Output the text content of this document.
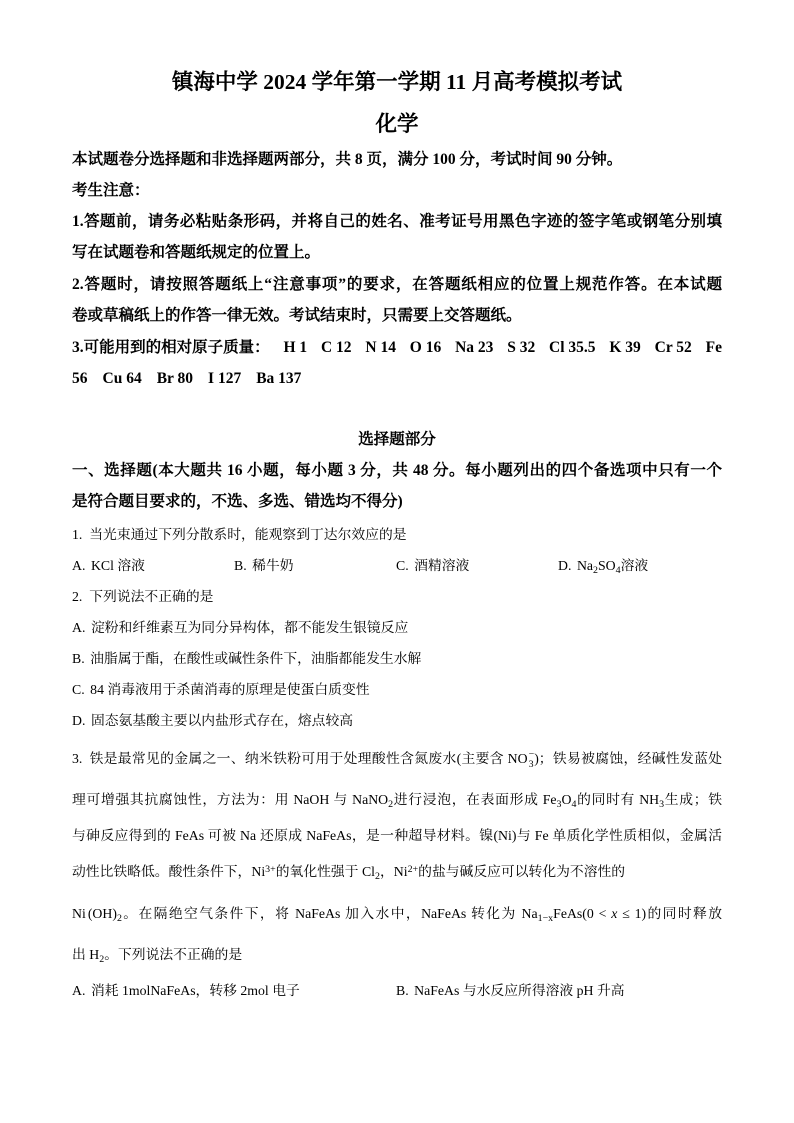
镇海中学 2024 学年第一学期 11 月高考模拟考试
化学
本试题卷分选择题和非选择题两部分，共 8 页，满分 100 分，考试时间 90 分钟。
考生注意：
1.答题前，请务必粘贴条形码，并将自己的姓名、准考证号用黑色字迹的签字笔或钢笔分别填
写在试题卷和答题纸规定的位置上。
2.答题时，请按照答题纸上“注意事项”的要求，在答题纸相应的位置上规范作答。在本试题
卷或草稿纸上的作答一律无效。考试结束时，只需要上交答题纸。
3.可能用到的相对原子质量： H 1 C 12 N 14 O 16 Na 23 S 32 Cl 35.5 K 39 Cr 52 Fe
56 Cu 64 Br 80 I 127 Ba 137
选择题部分
一、选择题(本大题共 16 小题，每小题 3 分，共 48 分。每小题列出的四个备选项中只有一个
是符合题目要求的，不选、多选、错选均不得分)
1. 当光束通过下列分散系时，能观察到丁达尔效应的是
A. KCl 溶液	B. 稀牛奶	C. 酒精溶液	D. $Na_2SO_4$溶液
2. 下列说法不正确的是
A. 淀粉和纤维素互为同分异构体，都不能发生银镜反应
B. 油脂属于酯，在酸性或碱性条件下，油脂都能发生水解
C. 84 消毒液用于杀菌消毒的原理是使蛋白质变性
D. 固态氨基酸主要以内盐形式存在，熔点较高
3. 铁是最常见的金属之一、纳米铁粉可用于处理酸性含氮废水(主要含 NO −
3 )；铁易被腐蚀，经碱性发蓝处
理可增强其抗腐蚀性，方法为：用 NaOH 与 NaNO$_2$进行浸泡，在表面形成 $Fe_3O_4$的同时有 $NH_3$生成；铁
与砷反应得到的 FeAs 可被 Na 还原成 NaFeAs，是一种超导材料。镍(Ni)与 Fe 单质化学性质相似，金属活
动性比铁略低。酸性条件下，$Ni^{3+}$的氧化性强于 $Cl_2$，$Ni^{2+}$的盐与碱反应可以转化为不溶性的
Ni $(OH)_2$。在隔绝空气条件下，将 NaFeAs 加入水中，NaFeAs 转化为 $Na_{1-x}FeAs(0 < x \le 1)$的同时释放
出 $H_2$。下列说法不正确的是
A. 消耗 1molNaFeAs，转移 2mol 电子	B. NaFeAs 与水反应所得溶液 pH 升高
